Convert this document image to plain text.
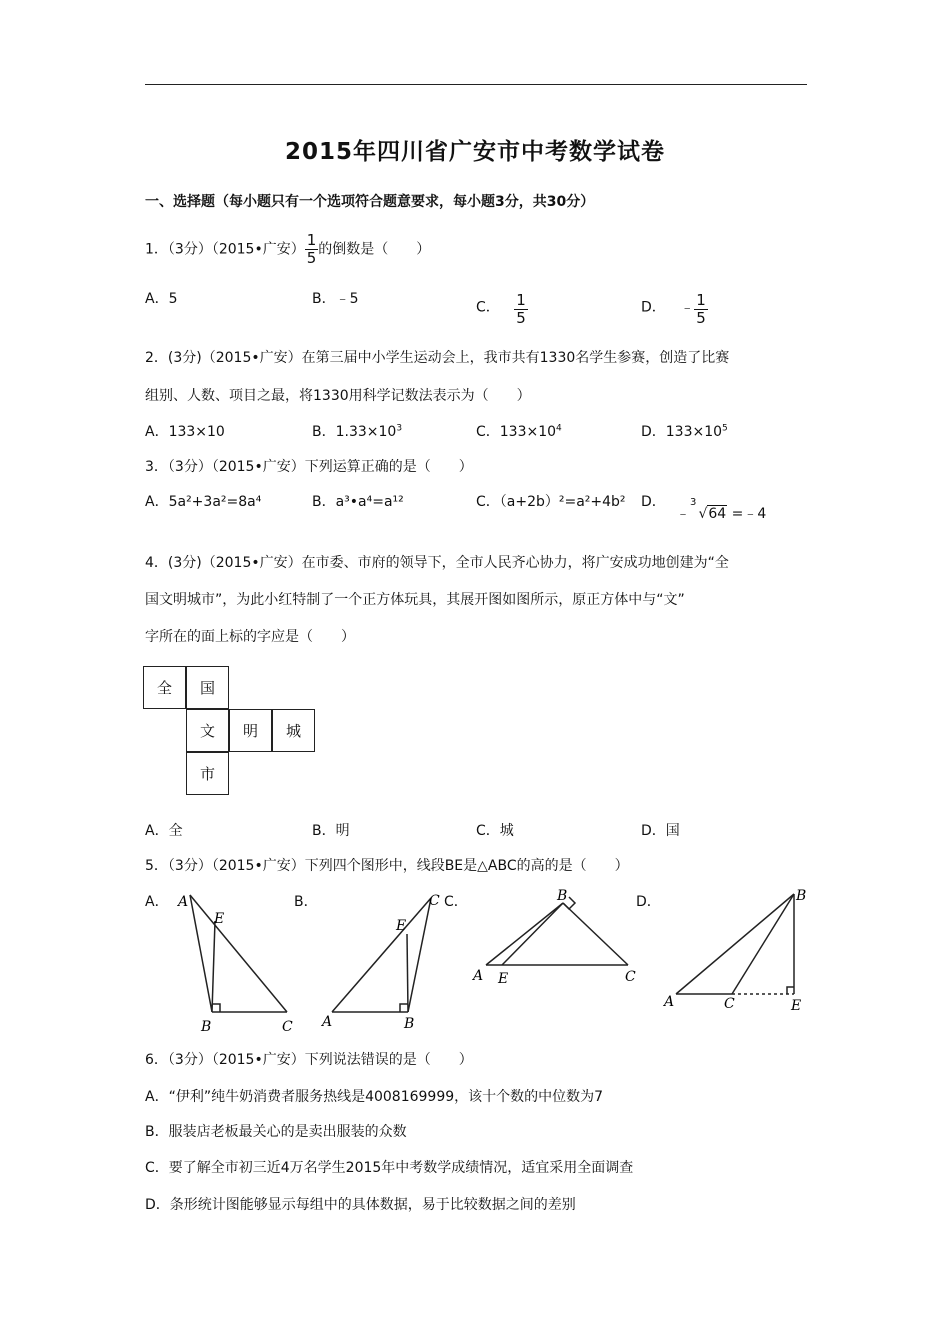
2015年四川省广安市中考数学试卷
一、选择题（每小题只有一个选项符合题意要求，每小题3分，共30分）
1．（3分）（2015•广安） $\frac{1}{5}$ 的倒数是（　　）
A．5	B．﹣5
C． $\frac{1}{5}$	D． ﹣ $\frac{1}{5}$
2．(3分)（2015•广安）在第三届中小学生运动会上，我市共有1330名学生参赛，创造了比赛
组别、人数、项目之最，将1330用科学记数法表示为（　　）
A．133×10	B．$1.33\times 10^3$	C．$133\times 10^4$	D．$133\times 10^5$
3．（3分）（2015•广安）下列运算正确的是（　　）
A．5a²+3a²=8a⁴	B．a³•a⁴=a¹²	C．（a+2b）²=a²+4b² D．
﹣
3
√64 =﹣4
4．(3分)（2015•广安）在市委、市府的领导下，全市人民齐心协力，将广安成功地创建为“全
国文明城市”，为此小红特制了一个正方体玩具，其展开图如图所示，原正方体中与“文”
字所在的面上标的字应是（　　）
全	国
文	明	城
市
A．全	B．明	C．城	D．国
5．（3分）（2015•广安）下列四个图形中，线段BE是△ABC的高的是（　　）
A．	B．	C．	D．
A
E
B	C A
E
B
C	B
A E	C
B
A	C	E
6．（3分）（2015•广安）下列说法错误的是（　　）
A．“伊利”纯牛奶消费者服务热线是4008169999，该十个数的中位数为7
B．服装店老板最关心的是卖出服装的众数
C．要了解全市初三近4万名学生2015年中考数学成绩情况，适宜采用全面调查
D．条形统计图能够显示每组中的具体数据，易于比较数据之间的差别
